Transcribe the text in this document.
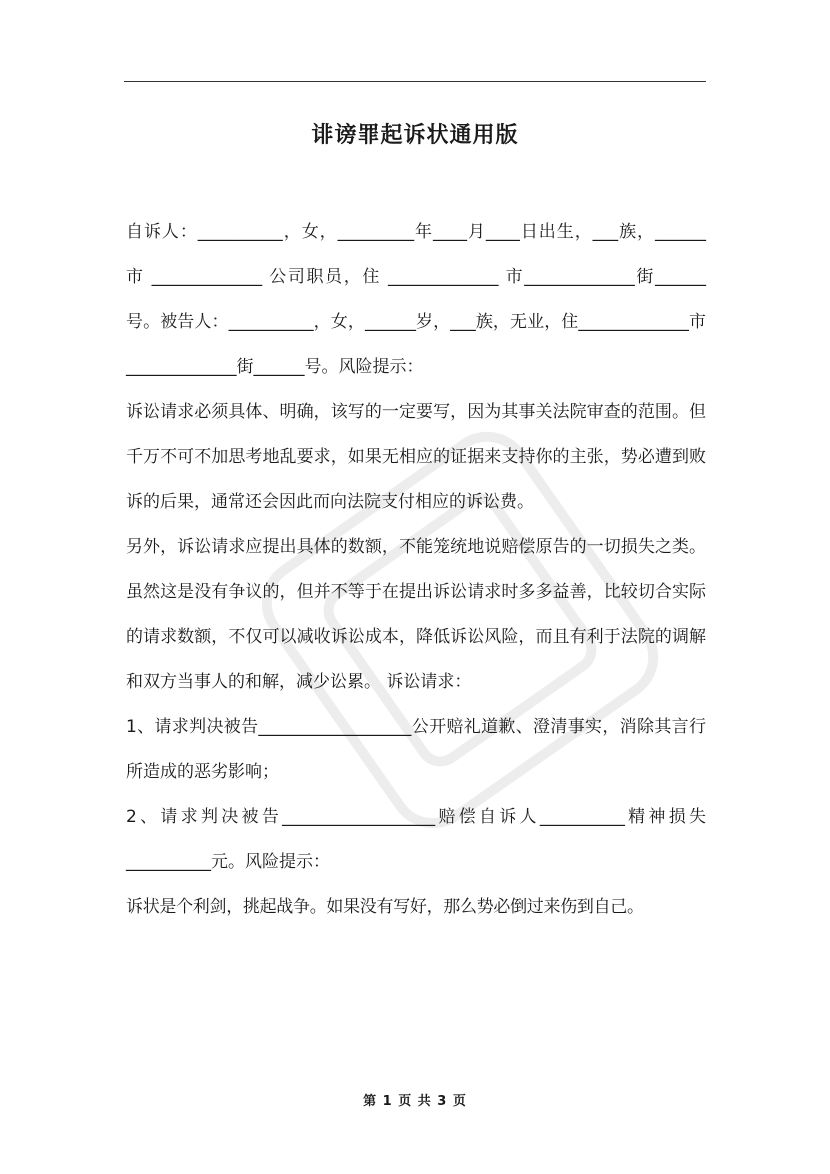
诽谤罪起诉状通用版

自诉人：__________，女，_________年____月____日出生，___族，______ 市 _____________ 公司职员，住 _____________ 市_____________街______号。被告人：__________，女，______岁，___族，无业，住_____________市_____________街______号。风险提示：

诉讼请求必须具体、明确，该写的一定要写，因为其事关法院审查的范围。但千万不可不加思考地乱要求，如果无相应的证据来支持你的主张，势必遭到败诉的后果，通常还会因此而向法院支付相应的诉讼费。

另外，诉讼请求应提出具体的数额，不能笼统地说赔偿原告的一切损失之类。虽然这是没有争议的，但并不等于在提出诉讼请求时多多益善，比较切合实际的请求数额，不仅可以减收诉讼成本，降低诉讼风险，而且有利于法院的调解和双方当事人的和解，减少讼累。 诉讼请求：

1、请求判决被告__________________公开赔礼道歉、澄清事实，消除其言行所造成的恶劣影响；

2、请求判决被告__________________赔偿自诉人__________精神损失__________元。风险提示：

诉状是个利剑，挑起战争。如果没有写好，那么势必倒过来伤到自己。

第 1 页 共 3 页
